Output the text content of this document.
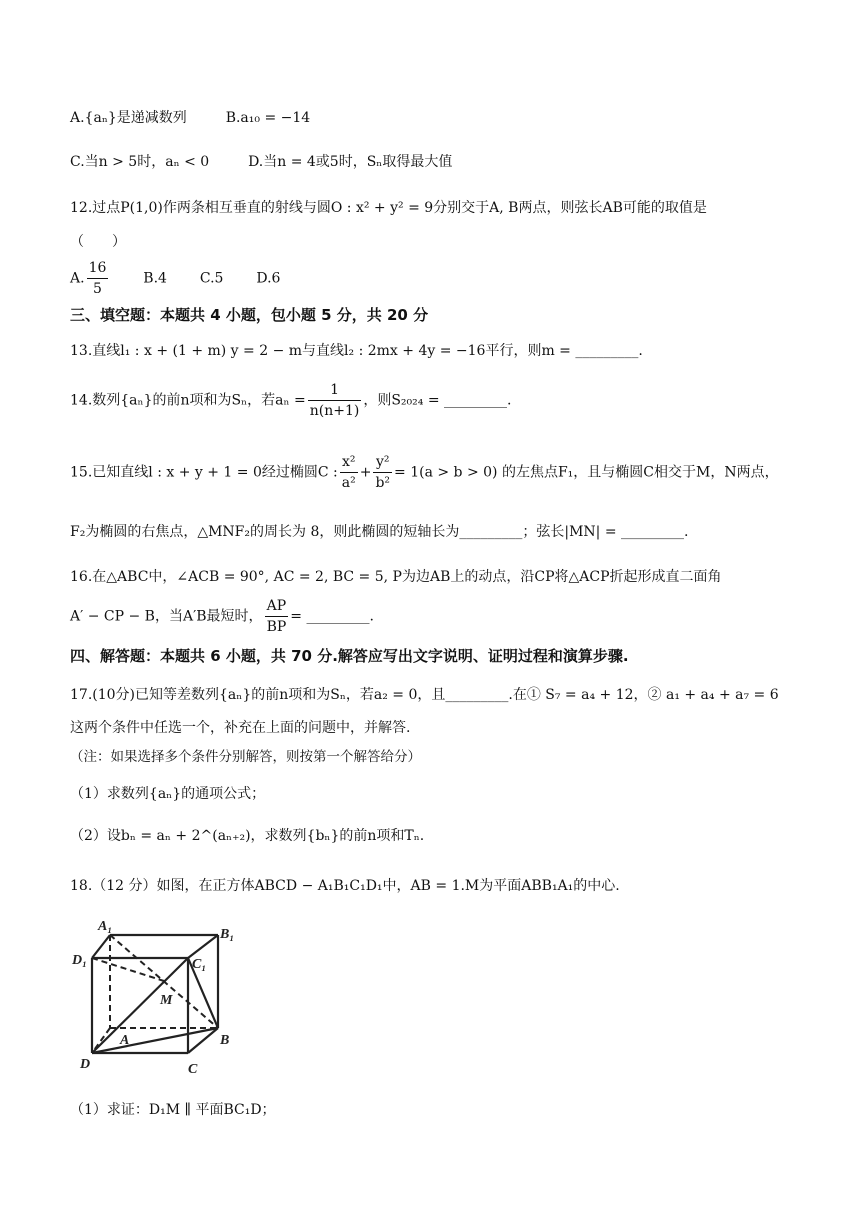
A.{aₙ}是递减数列	B.a₁₀ = −14
C.当n > 5时，aₙ < 0	D.当n = 4或5时，Sₙ取得最大值
12.过点P(1,0)作两条相互垂直的射线与圆O : x² + y² = 9分别交于A, B两点，则弦长AB可能的取值是
（　　）
A. $\frac{16}{5} B.4$ C.5 D.6
三、填空题：本题共 4 小题，包小题 5 分，共 20 分
13.直线l₁ : x + (1 + m) y = 2 − m与直线l₂ : 2mx + 4y = −16平行，则m = _________.
14.数列{aₙ}的前n项和为Sₙ，若$a_n = \frac{1}{n(n+1)}$ ，则S₂₀₂₄ = _________.
15.已知直线l : x + y + 1 = 0经过椭圆C : $\frac{\text{x²}}{\text{a²}} + \frac{\text{y²}}{\text{b²}} = 1(a > b > 0)$ 的左焦点F₁，且与椭圆C相交于M，N两点，
F₂为椭圆的右焦点，△MNF₂的周长为 8，则此椭圆的短轴长为_________；弦长|MN| = _________.
16.在△ABC中，∠ACB = 90°, AC = 2, BC = 5, P为边AB上的动点，沿CP将△ACP折起形成直二面角
A′ − CP − B，当A′B最短时， $\frac{AP}{BP}$ = _________.
四、解答题：本题共 6 小题，共 70 分.解答应写出文字说明、证明过程和演算步骤.
17.(10分)已知等差数列{aₙ}的前n项和为Sₙ，若a₂ = 0，且_________.在① S₇ = a₄ + 12，② a₁ + a₄ + a₇ = 6
这两个条件中任选一个，补充在上面的问题中，并解答.
（注：如果选择多个条件分别解答，则按第一个解答给分）
（1）求数列{aₙ}的通项公式；
（2）设bₙ = aₙ + 2^(aₙ₊₂)，求数列{bₙ}的前n项和Tₙ.
18.（12 分）如图，在正方体ABCD − A₁B₁C₁D₁中，AB = 1.M为平面ABB₁A₁的中心.
A₁
B₁
C₁
D₁
M
A	B
C
D
（1）求证：D₁M ∥ 平面BC₁D；
